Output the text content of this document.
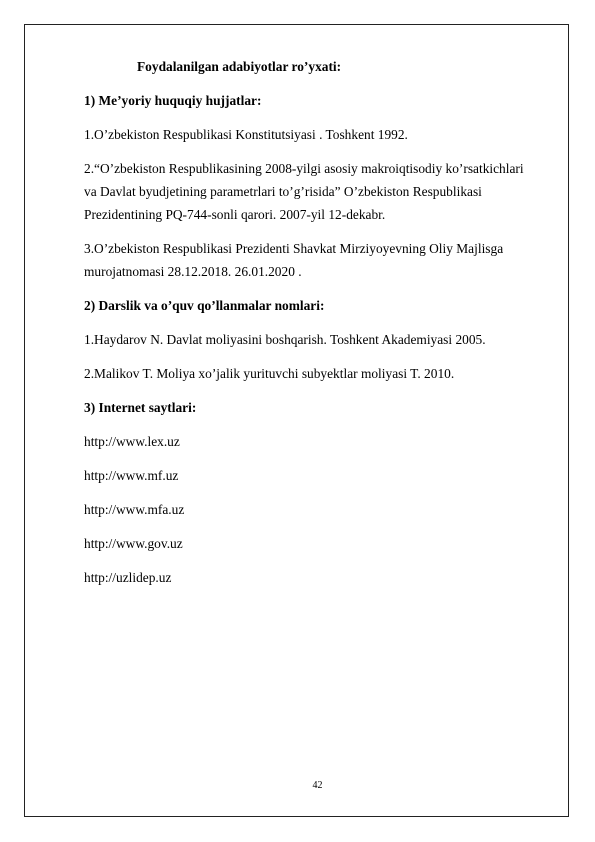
Foydalanilgan adabiyotlar ro’yxati:
1) Me’yoriy huquqiy hujjatlar:
1.O’zbekiston Respublikasi Konstitutsiyasi . Toshkent 1992.
2.“O’zbekiston Respublikasining 2008-yilgi asosiy makroiqtisodiy ko’rsatkichlari
va Davlat byudjetining parametrlari to’g’risida” O’zbekiston Respublikasi
Prezidentining PQ-744-sonli qarori. 2007-yil 12-dekabr.
3.O’zbekiston Respublikasi Prezidenti Shavkat Mirziyoyevning Oliy Majlisga
murojatnomasi 28.12.2018. 26.01.2020 .
2) Darslik va o’quv qo’llanmalar nomlari:
1.Haydarov N. Davlat moliyasini boshqarish. Toshkent Akademiyasi 2005.
2.Malikov T. Moliya xo’jalik yurituvchi subyektlar moliyasi T. 2010.
3) Internet saytlari:
http://www.lex.uz
http://www.mf.uz
http://www.mfa.uz
http://www.gov.uz
http://uzlidep.uz
42
